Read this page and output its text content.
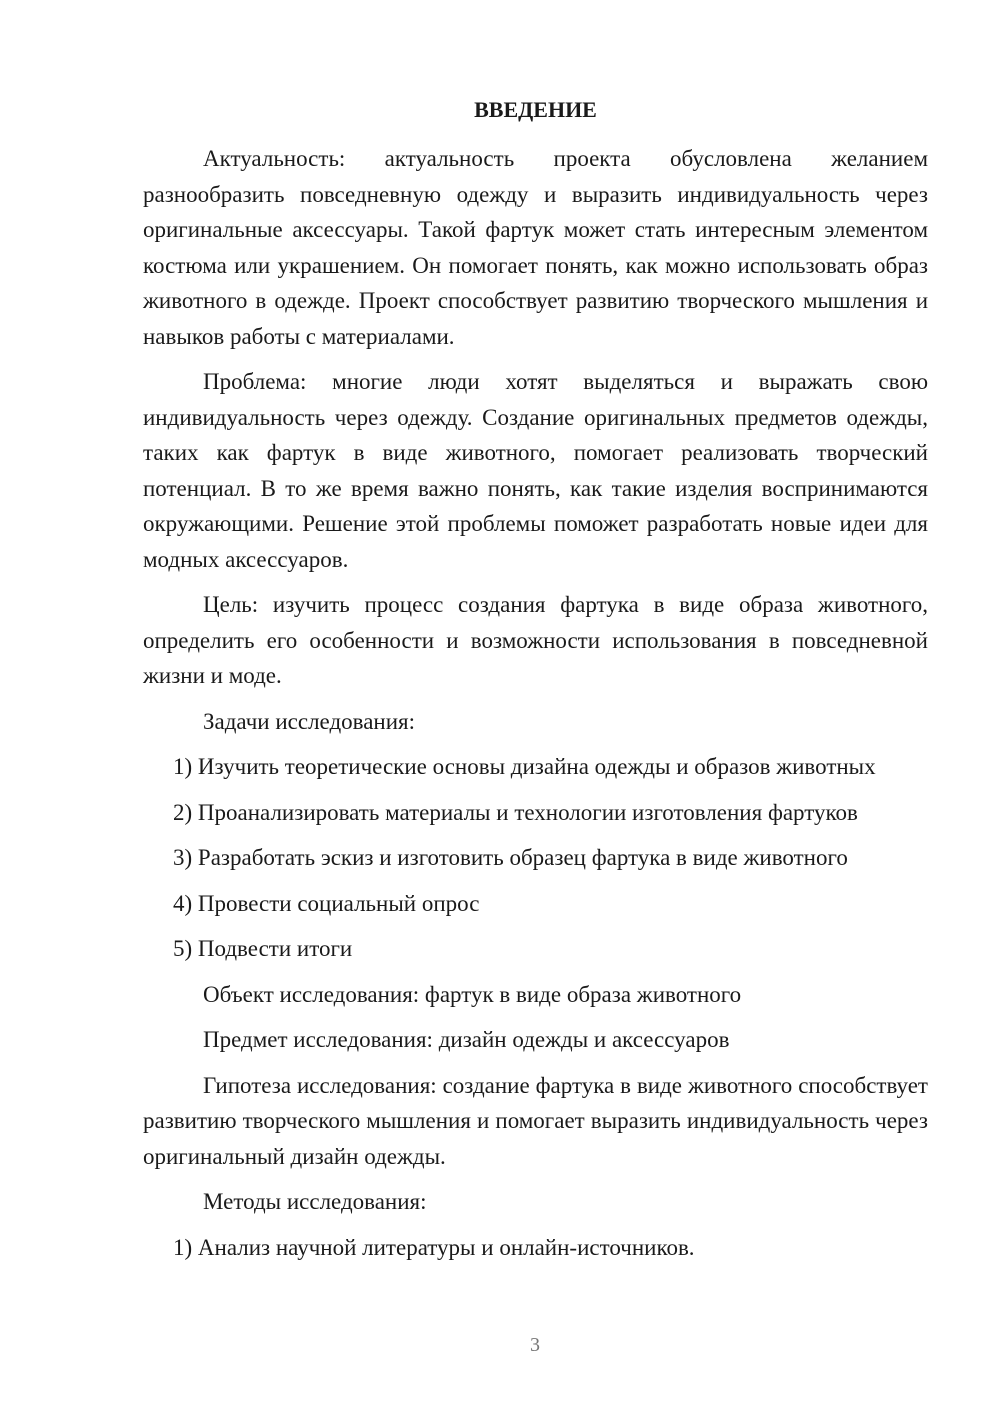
ВВЕДЕНИЕ

Актуальность: актуальность проекта обусловлена желанием разнообразить повседневную одежду и выразить индивидуальность через оригинальные аксессуары. Такой фартук может стать интересным элементом костюма или украшением. Он помогает понять, как можно использовать образ животного в одежде. Проект способствует развитию творческого мышления и навыков работы с материалами.

Проблема: многие люди хотят выделяться и выражать свою индивидуальность через одежду. Создание оригинальных предметов одежды, таких как фартук в виде животного, помогает реализовать творческий потенциал. В то же время важно понять, как такие изделия воспринимаются окружающими. Решение этой проблемы поможет разработать новые идеи для модных аксессуаров.

Цель: изучить процесс создания фартука в виде образа животного, определить его особенности и возможности использования в повседневной жизни и моде.

Задачи исследования:

1) Изучить теоретические основы дизайна одежды и образов животных

2) Проанализировать материалы и технологии изготовления фартуков

3) Разработать эскиз и изготовить образец фартука в виде животного

4) Провести социальный опрос

5) Подвести итоги

Объект исследования: фартук в виде образа животного

Предмет исследования: дизайн одежды и аксессуаров

Гипотеза исследования: создание фартука в виде животного способствует развитию творческого мышления и помогает выразить индивидуальность через оригинальный дизайн одежды.

Методы исследования:

1) Анализ научной литературы и онлайн-источников.

3
